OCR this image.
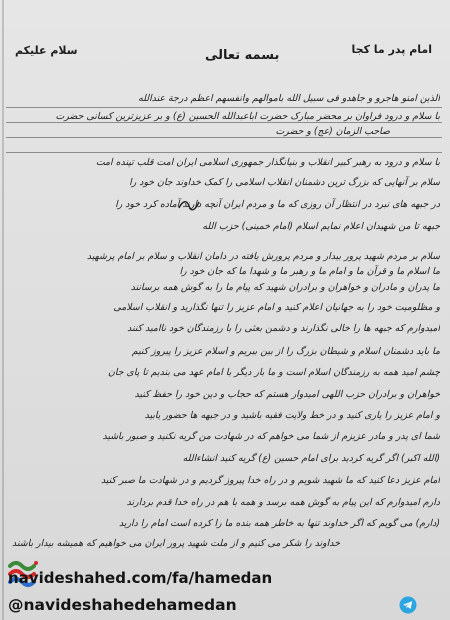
سلام علیکم	بسمه تعالی	امام پدر ما کجا
الذین امنو هاجرو و جاهدو فی سبیل الله باموالهم وانفسهم اعظم درجة عندالله
با سلام و درود فراوان بر محضر مبارک حضرت اباعبدالله الحسین (ع) و بر عزیزترین کسانی حضرت
صاحب الزمان (عج) و حضرت
با سلام و درود به رهبر کبیر انقلاب و بنیانگذار جمهوری اسلامی ایران امت قلب تپنده امت
سلام بر آنهایی که بزرگ ترین دشمنان انقلاب اسلامی را کمک خداوند جان خود را
در جبهه های نبرد در انتظار آن روزی که ما و مردم ایران آنچه دارند آماده کرد خود را
جبهه تا من شهیدان اعلام نمایم اسلام (امام خمینی) حزب الله
سلام بر مردم شهید پرور بیدار و مردم پرورش یافته در دامان انقلاب و سلام بر امام پرشهید
ما اسلام ما و قرآن ما و امام ما و رهبر ما و شهدا ما که جان خود را
ما پدران و مادران و خواهران و برادران شهید که پیام ما را به گوش همه برسانند
و مظلومیت خود را به جهانیان اعلام کنید و امام عزیز را تنها نگذارید و انقلاب اسلامی
امیدوارم که جبهه ها را خالی نگذارند و دشمن بعثی را با رزمندگان خود ناامید کنند
ما باید دشمنان اسلام و شیطان بزرگ را از بین ببریم و اسلام عزیز را پیروز کنیم
چشم امید همه به رزمندگان اسلام است و ما بار دیگر با امام عهد می بندیم تا پای جان
خواهران و برادران حزب اللهی امیدوار هستم که حجاب و دین خود را حفظ کنید
و امام عزیز را یاری کنید و در خط ولایت فقیه باشید و در جبهه ها حضور یابید
شما ای پدر و مادر عزیزم از شما می خواهم که در شهادت من گریه نکنید و صبور باشید
(الله اکبر) اگر گریه کردید برای امام حسین (ع) گریه کنید انشاءالله
امام عزیز دعا کنید که ما شهید شویم و در راه خدا پیروز گردیم و در شهادت ما صبر کنید
دارم امیدوارم که این پیام به گوش همه برسد و همه با هم در راه خدا قدم بردارند
(دارم) می گویم که اگر خداوند تنها به خاطر همه بنده ما را کرده است امام را دارید
خداوند را شکر می کنیم و از ملت شهید پرور ایران می خواهیم که همیشه بیدار باشند
navideshahed.com/fa/hamedan
@navideshahedehamedan
